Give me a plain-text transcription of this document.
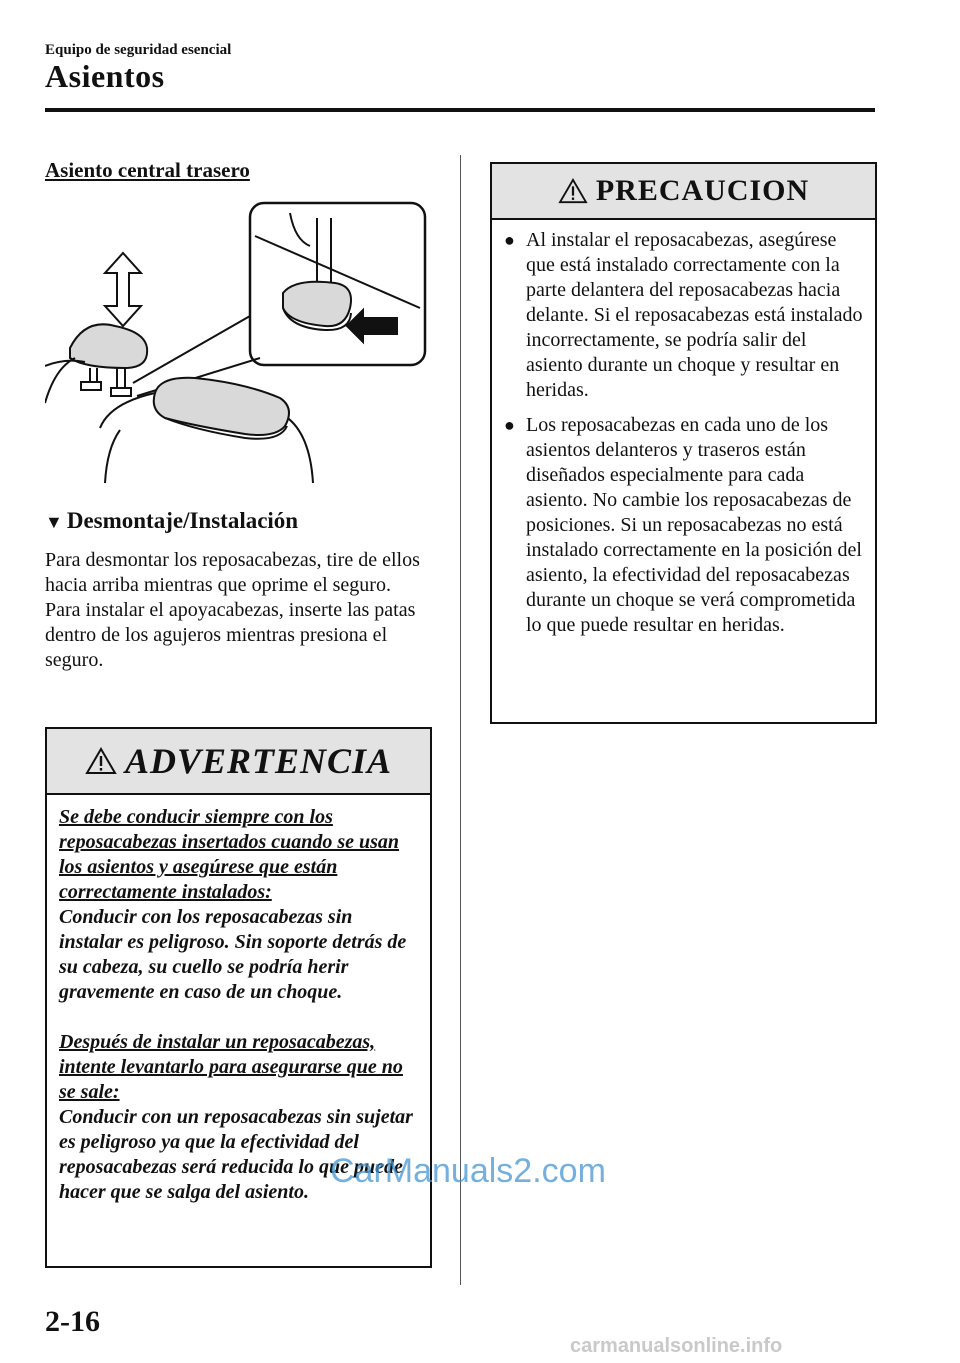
Equipo de seguridad esencial
Asientos
Asiento central trasero
▼ Desmontaje/Instalación

Para desmontar los reposacabezas, tire de ellos hacia arriba mientras que oprime el seguro.

Para instalar el apoyacabezas, inserte las patas dentro de los agujeros mientras presiona el seguro.

ADVERTENCIA

Se debe conducir siempre con los reposacabezas insertados cuando se usan los asientos y asegúrese que están correctamente instalados:

Conducir con los reposacabezas sin instalar es peligroso. Sin soporte detrás de su cabeza, su cuello se podría herir gravemente en caso de un choque.

Después de instalar un reposacabezas, intente levantarlo para asegurarse que no se sale:

Conducir con un reposacabezas sin sujetar es peligroso ya que la efectividad del reposacabezas será reducida lo que puede hacer que se salga del asiento.

PRECAUCION
● Al instalar el reposacabezas, asegúrese que está instalado correctamente con la parte delantera del reposacabezas hacia delante. Si el reposacabezas está instalado incorrectamente, se podría salir del asiento durante un choque y resultar en heridas.
● Los reposacabezas en cada uno de los asientos delanteros y traseros están diseñados especialmente para cada asiento. No cambie los reposacabezas de posiciones. Si un reposacabezas no está instalado correctamente en la posición del asiento, la efectividad del reposacabezas durante un choque se verá comprometida lo que puede resultar en heridas.
2-16
CarManuals2.com
carmanualsonline.info
